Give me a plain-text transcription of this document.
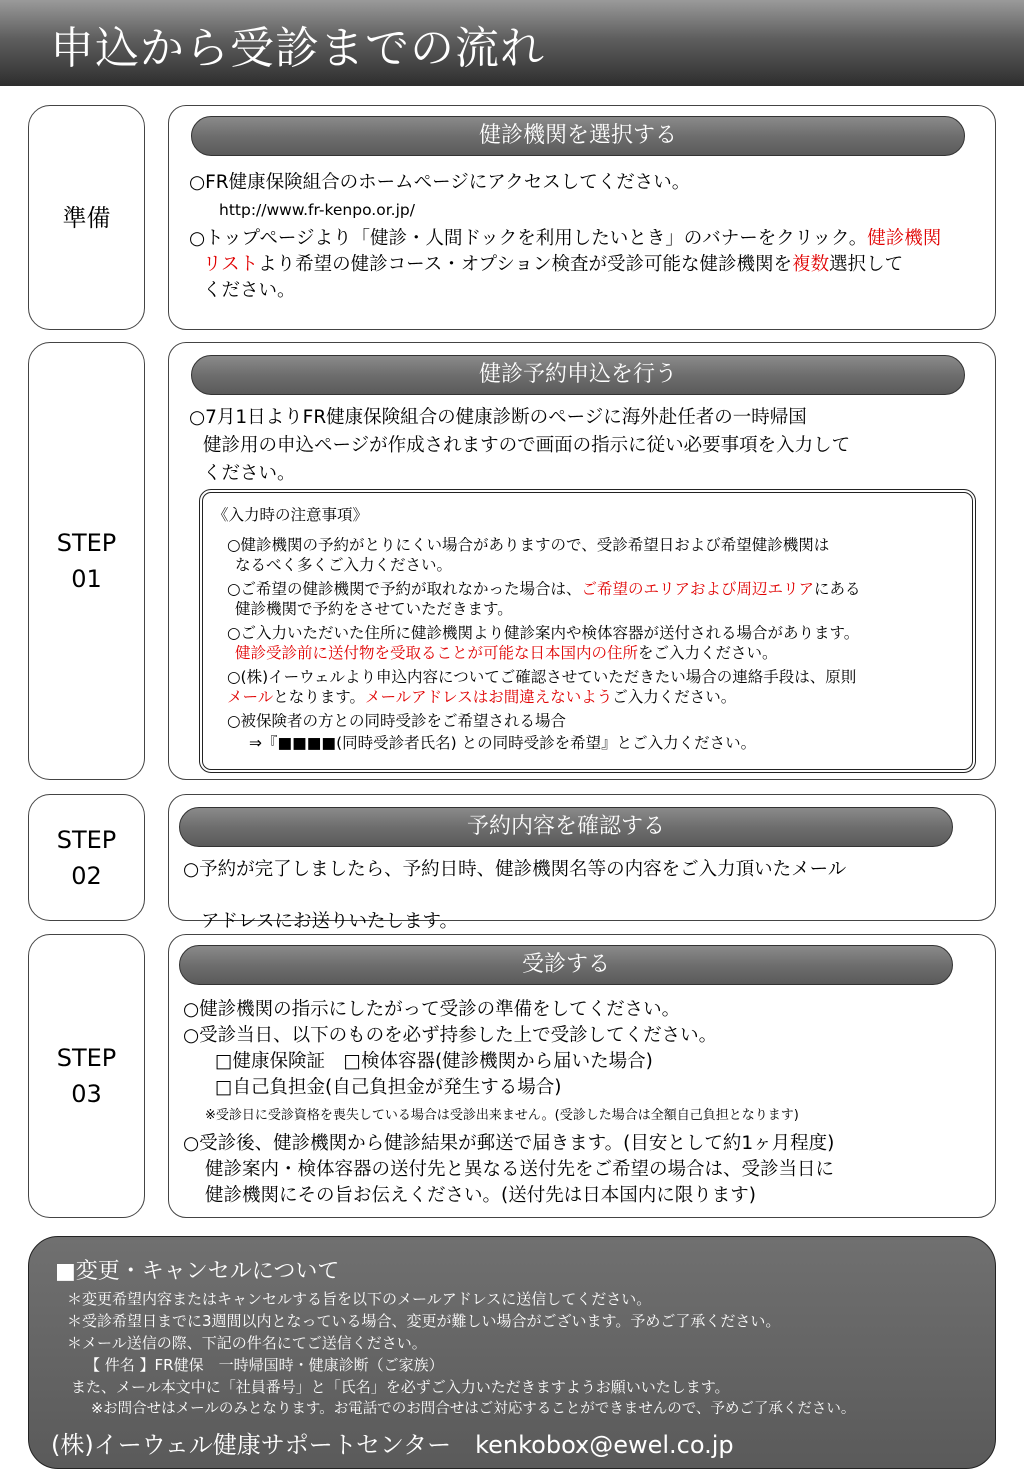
申込から受診までの流れ
準備
健診機関を選択する
○FR健康保険組合のホームページにアクセスしてください。
http://www.fr-kenpo.or.jp/
○トップページより「健診・人間ドックを利用したいとき」のバナーをクリック。健診機関
リストより希望の健診コース・オプション検査が受診可能な健診機関を複数選択して
ください。
STEP
01
健診予約申込を行う
○7月1日よりFR健康保険組合の健康診断のページに海外赴任者の一時帰国
健診用の申込ページが作成されますので画面の指示に従い必要事項を入力して
ください。
《入力時の注意事項》
○健診機関の予約がとりにくい場合がありますので、受診希望日および希望健診機関は
なるべく多くご入力ください。
○ご希望の健診機関で予約が取れなかった場合は、ご希望のエリアおよび周辺エリアにある
健診機関で予約をさせていただきます。
○ご入力いただいた住所に健診機関より健診案内や検体容器が送付される場合があります。
健診受診前に送付物を受取ることが可能な日本国内の住所をご入力ください。
○(株)イーウェルより申込内容についてご確認させていただきたい場合の連絡手段は、原則
メールとなります。メールアドレスはお間違えないようご入力ください。
○被保険者の方との同時受診をご希望される場合
⇒『■■■■(同時受診者氏名) との同時受診を希望』とご入力ください。
STEP
02
予約内容を確認する
○予約が完了しましたら、予約日時、健診機関名等の内容をご入力頂いたメール
アドレスにお送りいたします。
STEP
03
受診する
○健診機関の指示にしたがって受診の準備をしてください。
○受診当日、以下のものを必ず持参した上で受診してください。
□健康保険証　□検体容器(健診機関から届いた場合)
□自己負担金(自己負担金が発生する場合)
※受診日に受診資格を喪失している場合は受診出来ません。(受診した場合は全額自己負担となります)
○受診後、健診機関から健診結果が郵送で届きます。(目安として約1ヶ月程度)
健診案内・検体容器の送付先と異なる送付先をご希望の場合は、受診当日に
健診機関にその旨お伝えください。(送付先は日本国内に限ります)
■変更・キャンセルについて
＊変更希望内容またはキャンセルする旨を以下のメールアドレスに送信してください。
＊受診希望日までに3週間以内となっている場合、変更が難しい場合がございます。予めご了承ください。
＊メール送信の際、下記の件名にてご送信ください。
【 件名 】FR健保　一時帰国時・健康診断（ご家族）
また、メール本文中に「社員番号」と「氏名」を必ずご入力いただきますようお願いいたします。
※お問合せはメールのみとなります。お電話でのお問合せはご対応することができませんので、予めご了承ください。
(株)イーウェル健康サポートセンター　kenkobox@ewel.co.jp
